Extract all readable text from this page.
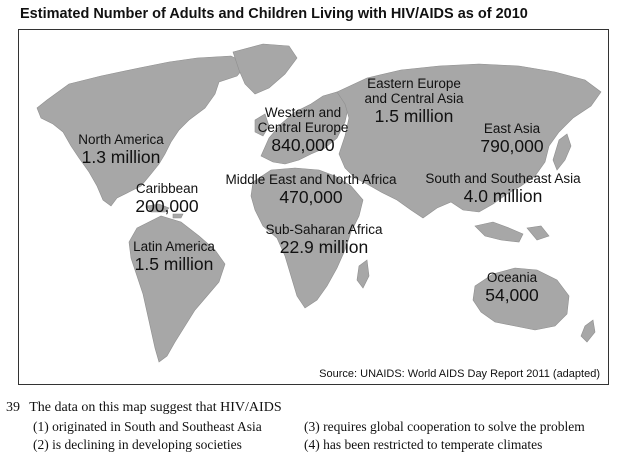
Estimated Number of Adults and Children Living with HIV/AIDS as of 2010
North America
1.3 million
Caribbean
200,000
Latin America
1.5 million
Western and Central Europe
840,000
Eastern Europe and Central Asia
1.5 million
East Asia
790,000
Middle East and North Africa
470,000
South and Southeast Asia
4.0 million
Sub-Saharan Africa
22.9 million
Oceania
54,000
Source: UNAIDS: World AIDS Day Report 2011 (adapted)
39 The data on this map suggest that HIV/AIDS
(1) originated in South and Southeast Asia
(2) is declining in developing societies
(3) requires global cooperation to solve the problem
(4) has been restricted to temperate climates
